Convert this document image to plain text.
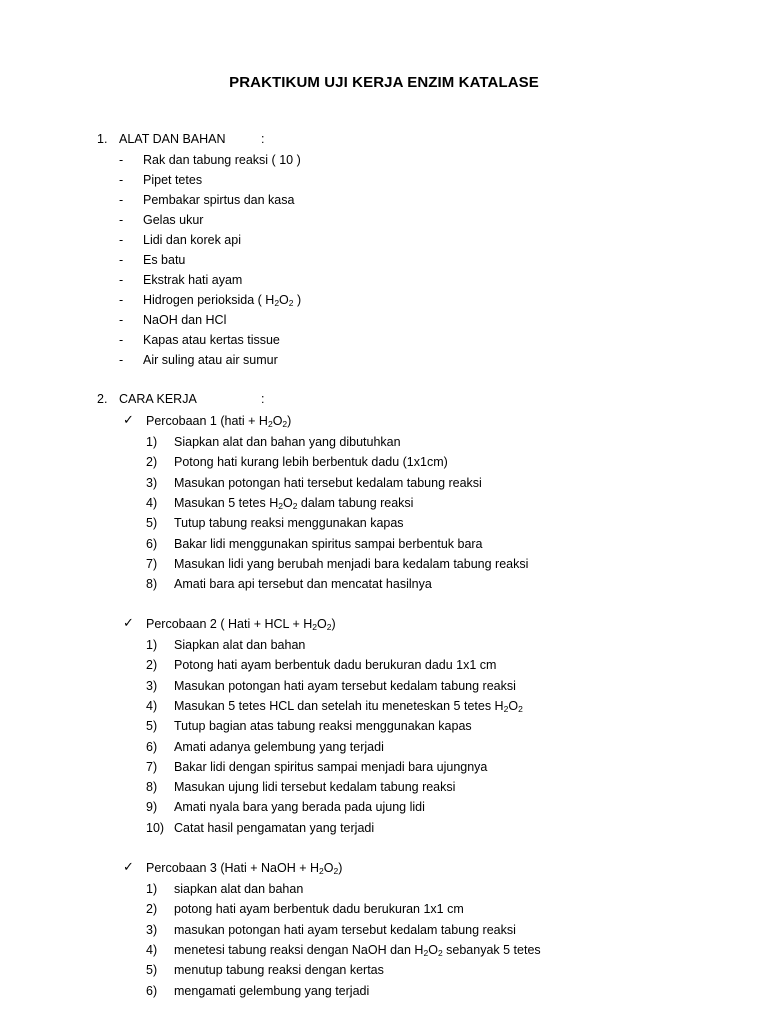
PRAKTIKUM UJI KERJA ENZIM KATALASE
1. ALAT DAN BAHAN	:
- Rak dan tabung reaksi ( 10 )
- Pipet tetes
- Pembakar spirtus dan kasa
- Gelas ukur
- Lidi dan korek api
- Es batu
- Ekstrak hati ayam
- Hidrogen perioksida ( $H_2O_2$ )
- NaOH dan HCl
- Kapas atau kertas tissue
- Air suling atau air sumur
2. CARA KERJA	:
✓ Percobaan 1 (hati + $H_2O_2$)
1) Siapkan alat dan bahan yang dibutuhkan
2) Potong hati kurang lebih berbentuk dadu (1x1cm)
3) Masukan potongan hati tersebut kedalam tabung reaksi
4) Masukan 5 tetes $H_2O_2$ dalam tabung reaksi
5) Tutup tabung reaksi menggunakan kapas
6) Bakar lidi menggunakan spiritus sampai berbentuk bara
7) Masukan lidi yang berubah menjadi bara kedalam tabung reaksi
8) Amati bara api tersebut dan mencatat hasilnya
✓ Percobaan 2 ( Hati + HCL + $H_2O_2$)
1) Siapkan alat dan bahan
2) Potong hati ayam berbentuk dadu berukuran dadu 1x1 cm
3) Masukan potongan hati ayam tersebut kedalam tabung reaksi
4) Masukan 5 tetes HCL dan setelah itu meneteskan 5 tetes $H_2O_2$
5) Tutup bagian atas tabung reaksi menggunakan kapas
6) Amati adanya gelembung yang terjadi
7) Bakar lidi dengan spiritus sampai menjadi bara ujungnya
8) Masukan ujung lidi tersebut kedalam tabung reaksi
9) Amati nyala bara yang berada pada ujung lidi
10) Catat hasil pengamatan yang terjadi
✓ Percobaan 3 (Hati + NaOH + $H_2O_2$)
1) siapkan alat dan bahan
2) potong hati ayam berbentuk dadu berukuran 1x1 cm
3) masukan potongan hati ayam tersebut kedalam tabung reaksi
4) menetesi tabung reaksi dengan NaOH dan $H_2O_2$ sebanyak 5 tetes
5) menutup tabung reaksi dengan kertas
6) mengamati gelembung yang terjadi
